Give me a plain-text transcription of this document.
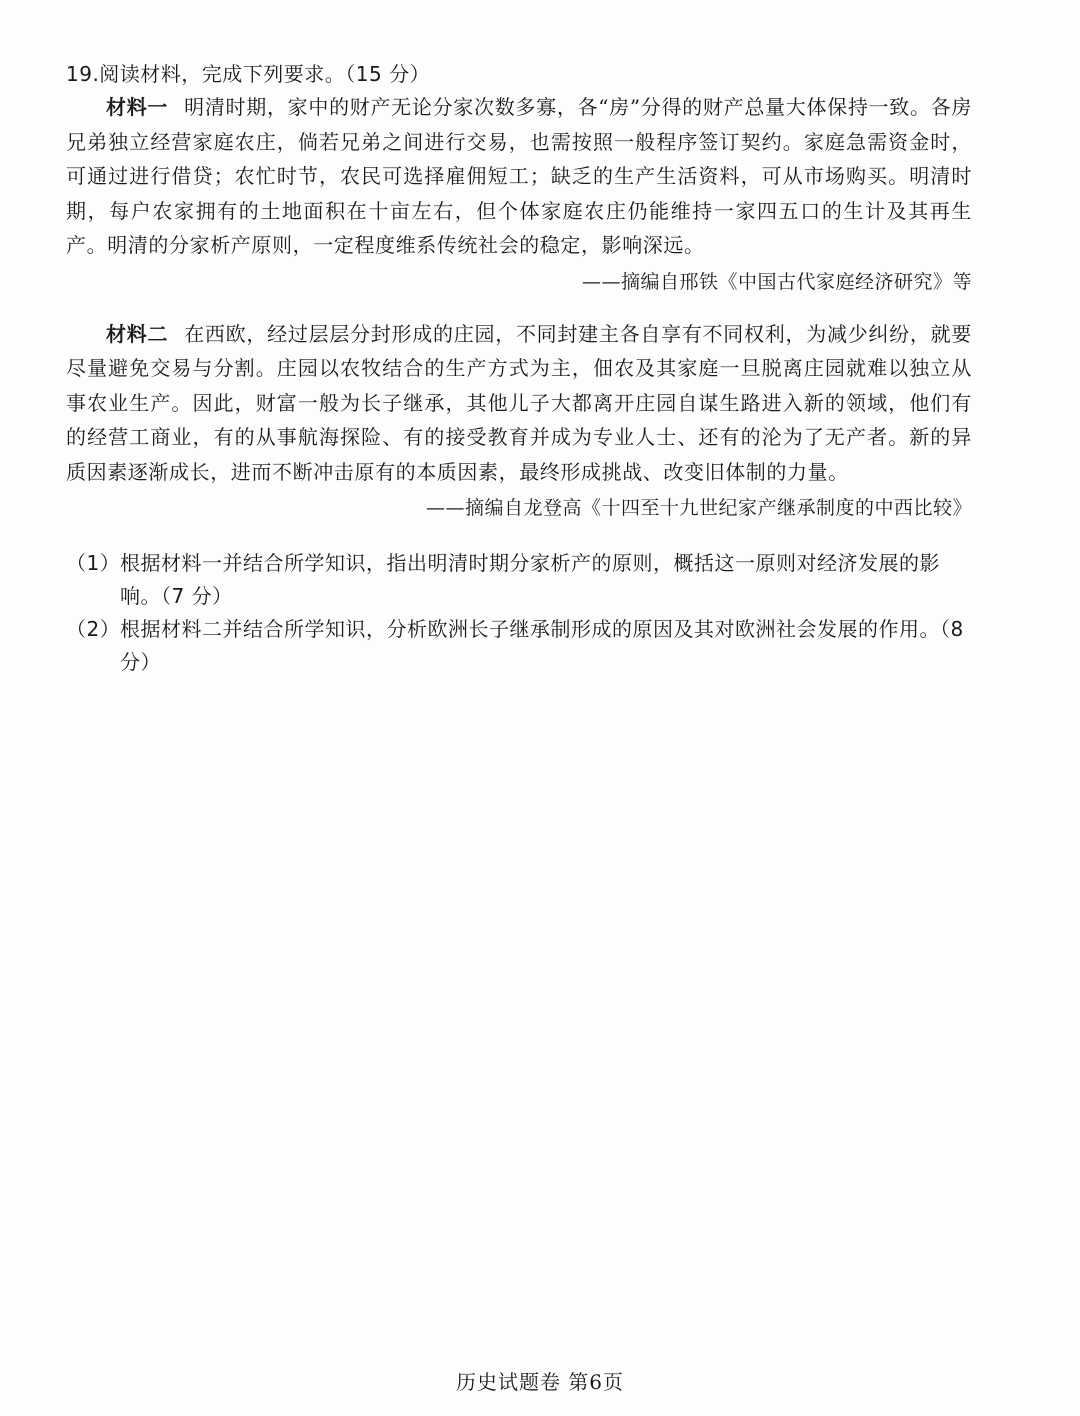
19.阅读材料，完成下列要求。（15 分）

材料一 明清时期，家中的财产无论分家次数多寡，各“房”分得的财产总量大体保持一致。各房兄弟独立经营家庭农庄，倘若兄弟之间进行交易，也需按照一般程序签订契约。家庭急需资金时，可通过进行借贷；农忙时节，农民可选择雇佣短工；缺乏的生产生活资料，可从市场购买。明清时期，每户农家拥有的土地面积在十亩左右，但个体家庭农庄仍能维持一家四五口的生计及其再生产。明清的分家析产原则，一定程度维系传统社会的稳定，影响深远。

——摘编自邢铁《中国古代家庭经济研究》等

材料二 在西欧，经过层层分封形成的庄园，不同封建主各自享有不同权利，为减少纠纷，就要尽量避免交易与分割。庄园以农牧结合的生产方式为主，佃农及其家庭一旦脱离庄园就难以独立从事农业生产。因此，财富一般为长子继承，其他儿子大都离开庄园自谋生路进入新的领域，他们有的经营工商业，有的从事航海探险、有的接受教育并成为专业人士、还有的沦为了无产者。新的异质因素逐渐成长，进而不断冲击原有的本质因素，最终形成挑战、改变旧体制的力量。

——摘编自龙登高《十四至十九世纪家产继承制度的中西比较》

（1）根据材料一并结合所学知识，指出明清时期分家析产的原则，概括这一原则对经济发展的影响。（7 分）

（2）根据材料二并结合所学知识，分析欧洲长子继承制形成的原因及其对欧洲社会发展的作用。（8 分）

历史试题卷 第6页
